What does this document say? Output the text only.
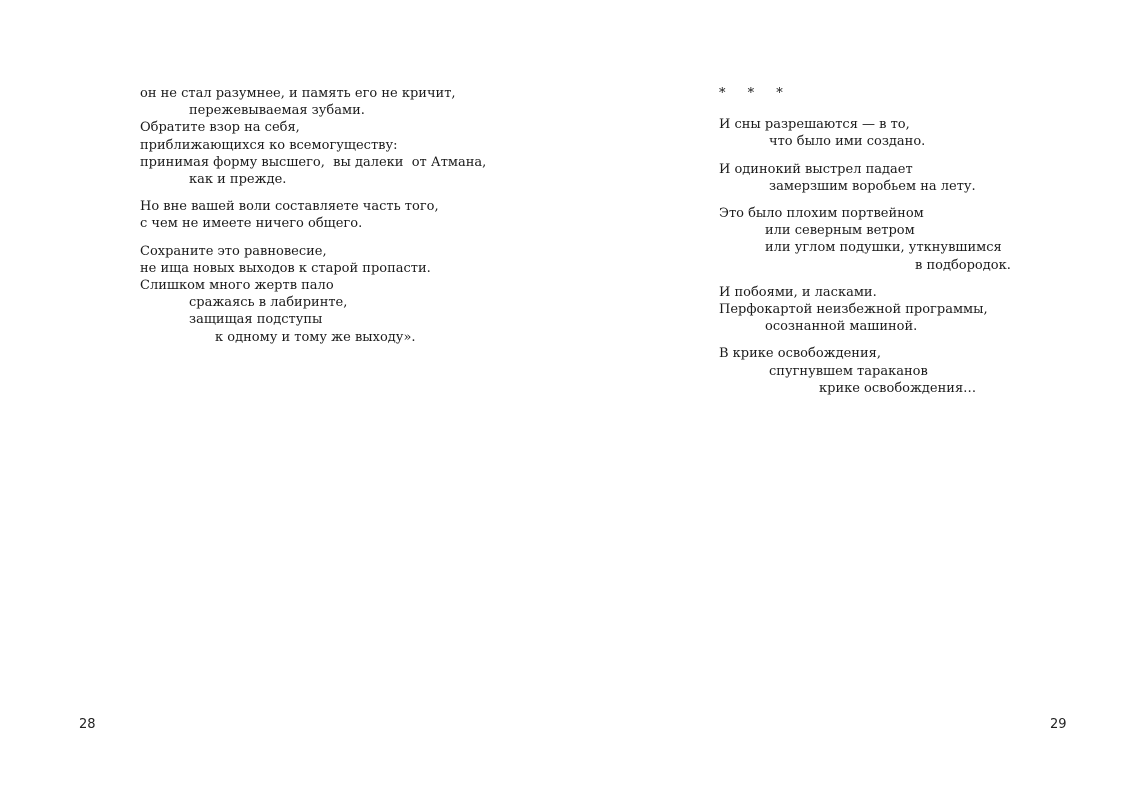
он не стал разумнее, и память его не кричит,
пережевываемая зубами.
Обратите взор на себя,
приближающихся ко всемогуществу:
принимая форму высшего,  вы далеки  от Атмана,
как и прежде.
Но вне вашей воли составляете часть того,
с чем не имеете ничего общего.
Сохраните это равновесие,
не ища новых выходов к старой пропасти.
Слишком много жертв пало
сражаясь в лабиринте,
защищая подступы
к одному и тому же выходу».
28
* * *
И сны разрешаются — в то,
что было ими создано.
И одинокий выстрел падает
замерзшим воробьем на лету.
Это было плохим портвейном
или северным ветром
или углом подушки, уткнувшимся
в подбородок.
И побоями, и ласками.
Перфокартой неизбежной программы,
осознанной машиной.
В крике освобождения,
спугнувшем тараканов
крике освобождения…
29
